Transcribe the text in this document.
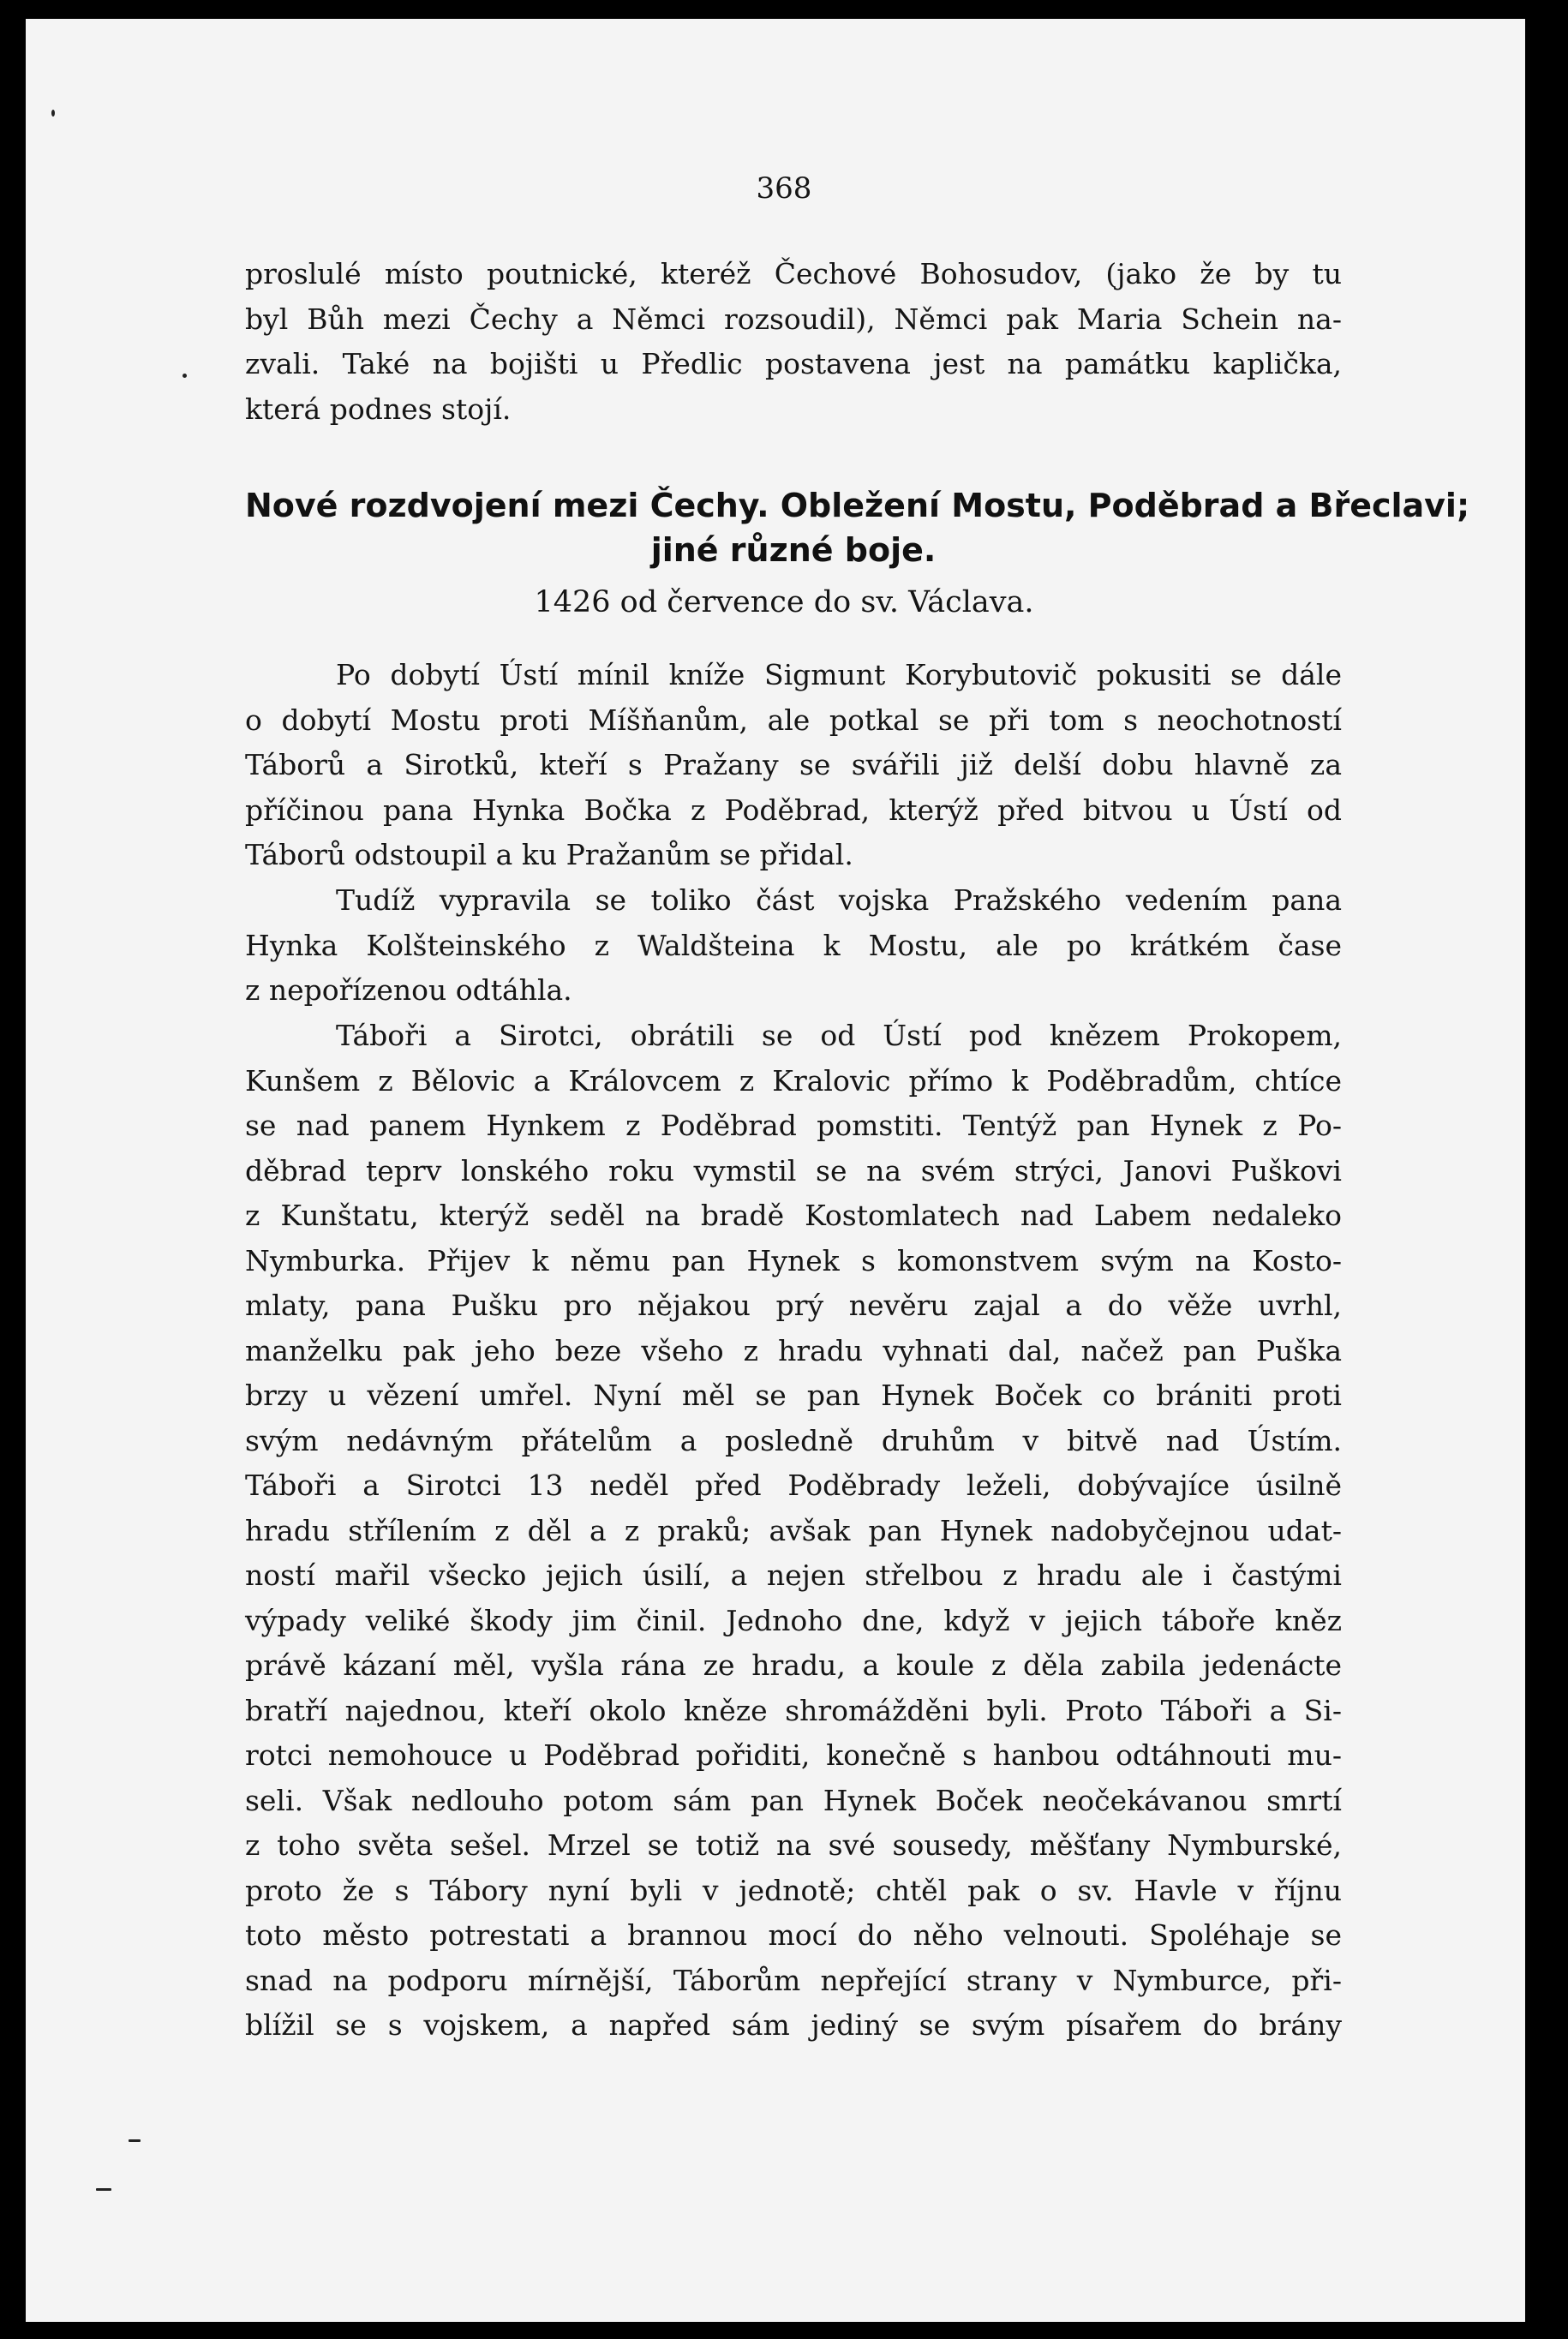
368
proslulé místo poutnické, kteréž Čechové Bohosudov, (jako že by tu
byl Bůh mezi Čechy a Němci rozsoudil), Němci pak Maria Schein na-
zvali. Také na bojišti u Předlic postavena jest na památku kaplička,
která podnes stojí.
Nové rozdvojení mezi Čechy. Obležení Mostu, Poděbrad a Břeclavi;
jiné různé boje.
1426 od července do sv. Václava.
Po dobytí Ústí mínil kníže Sigmunt Korybutovič pokusiti se dále
o dobytí Mostu proti Míšňanům, ale potkal se při tom s neochotností
Táborů a Sirotků, kteří s Pražany se svářili již delší dobu hlavně za
příčinou pana Hynka Bočka z Poděbrad, kterýž před bitvou u Ústí od
Táborů odstoupil a ku Pražanům se přidal.
Tudíž vypravila se toliko část vojska Pražského vedením pana
Hynka Kolšteinského z Waldšteina k Mostu, ale po krátkém čase
z nepořízenou odtáhla.
Tábořі a Sirotci, obrátili se od Ústí pod knězem Prokopem,
Kunšem z Bělovic a Královcem z Kralovic přímo k Poděbradům, chtíce
se nad panem Hynkem z Poděbrad pomstiti. Tentýž pan Hynek z Po-
děbrad teprv lonského roku vymstil se na svém strýci, Janovi Puškovi
z Kunštatu, kterýž seděl na bradě Kostomlatech nad Labem nedaleko
Nymburka. Přijev k němu pan Hynek s komonstvem svým na Kosto-
mlaty, pana Pušku pro nějakou prý nevěru zajal a do věže uvrhl,
manželku pak jeho beze všeho z hradu vyhnati dal, načež pan Puška
brzy u vězení umřel. Nyní měl se pan Hynek Boček co brániti proti
svým nedávným přátelům a posledně druhům v bitvě nad Ústím.
Tábořі a Sirotci 13 neděl před Poděbrady leželi, dobývajíce úsilně
hradu střílením z děl a z praků; avšak pan Hynek nadobyčejnou udat-
ností mařil všecko jejich úsilí, a nejen střelbou z hradu ale i častými
výpady veliké škody jim činil. Jednoho dne, když v jejich táboře kněz
právě kázaní měl, vyšla rána ze hradu, a koule z děla zabila jedenácte
bratří najednou, kteří okolo kněze shromážděni byli. Proto Tábořі a Si-
rotci nemohouce u Poděbrad pořiditi, konečně s hanbou odtáhnouti mu-
seli. Však nedlouho potom sám pan Hynek Boček neočekávanou smrtí
z toho světa sešel. Mrzel se totiž na své sousedy, měšťany Nymburské,
proto že s Tábory nyní byli v jednotě; chtěl pak o sv. Havle v říjnu
toto město potrestati a brannou mocí do něho velnouti. Spoléhaje se
snad na podporu mírnější, Táborům nepřející strany v Nymburce, při-
blížil se s vojskem, a napřed sám jediný se svým písařem do brány
